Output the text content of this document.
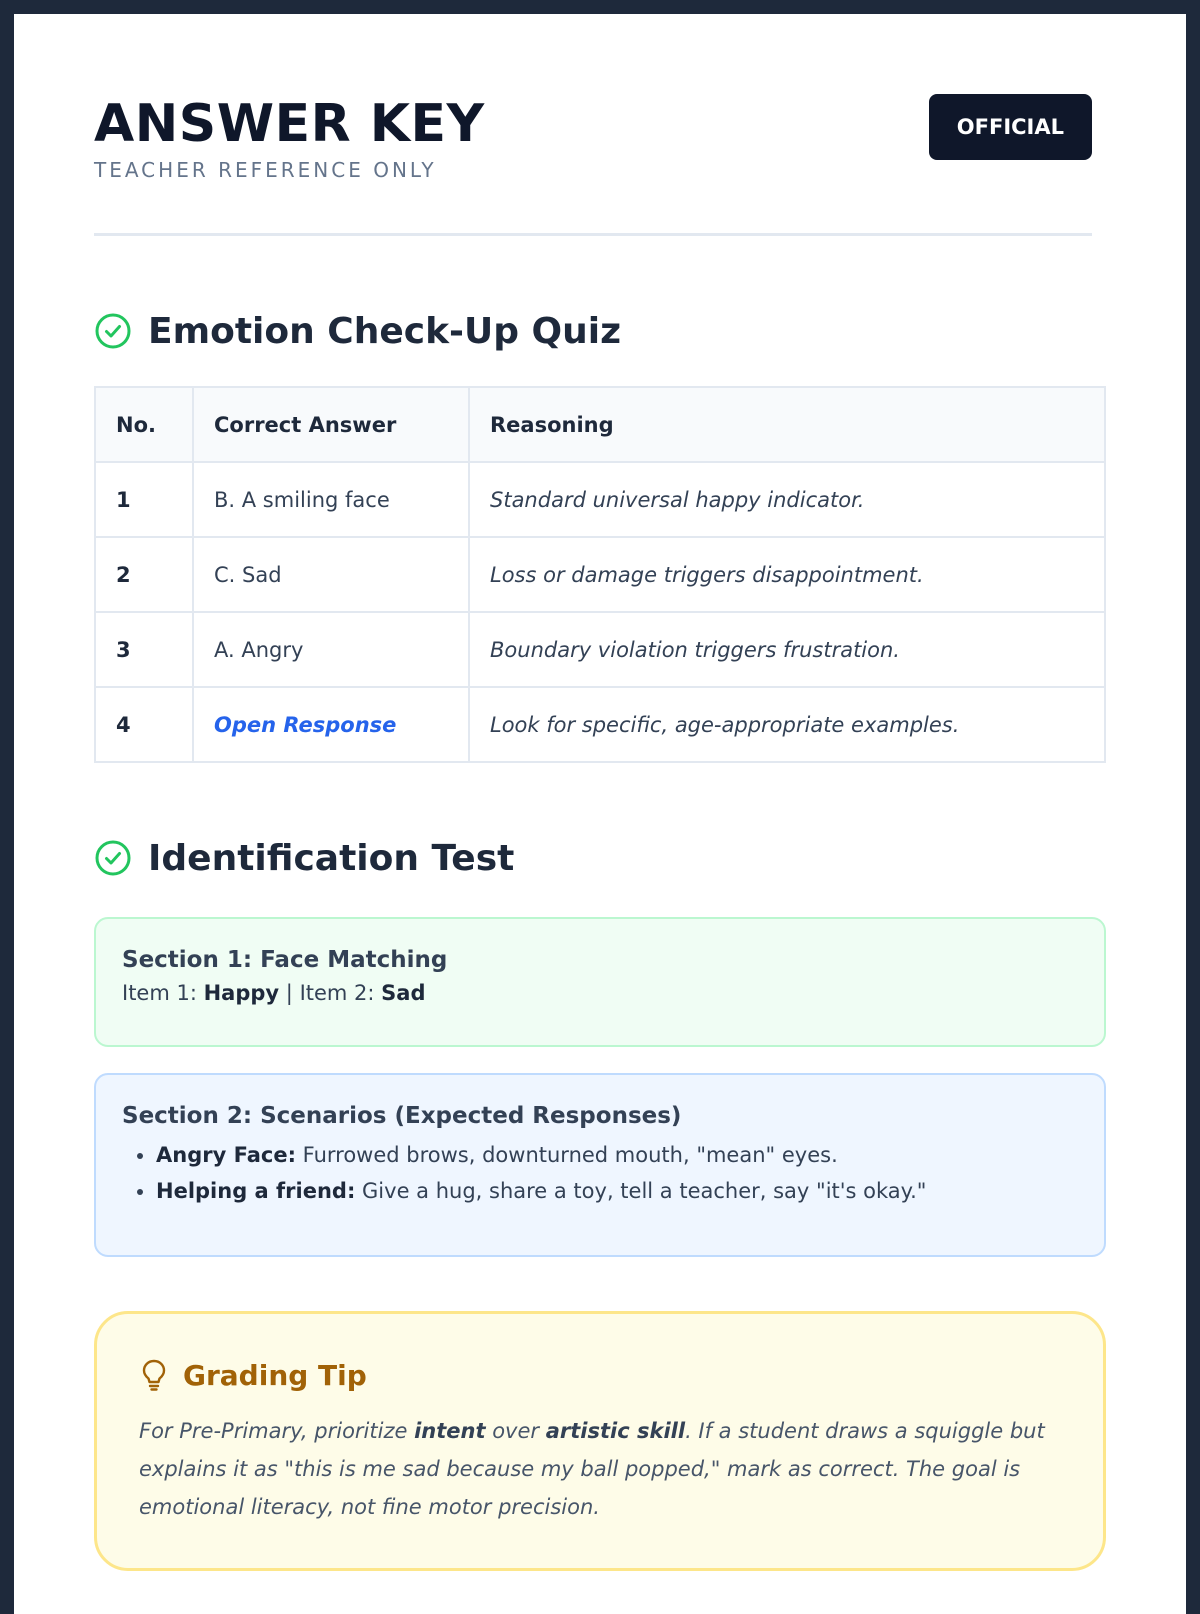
ANSWER KEY
TEACHER REFERENCE ONLY
OFFICIAL
Emotion Check-Up Quiz
No.	Correct Answer	Reasoning
1	B. A smiling face	Standard universal happy indicator.
2	C. Sad	Loss or damage triggers disappointment.
3	A. Angry	Boundary violation triggers frustration.
4	Open Response	Look for specific, age-appropriate examples.
Identification Test
Section 1: Face Matching
Item 1: Happy | Item 2: Sad
Section 2: Scenarios (Expected Responses)
• Angry Face: Furrowed brows, downturned mouth, "mean" eyes.
• Helping a friend: Give a hug, share a toy, tell a teacher, say "it's okay."
Grading Tip
For Pre-Primary, prioritize intent over artistic skill. If a student draws a squiggle but explains it as "this is me sad because my ball popped," mark as correct. The goal is emotional literacy, not fine motor precision.
